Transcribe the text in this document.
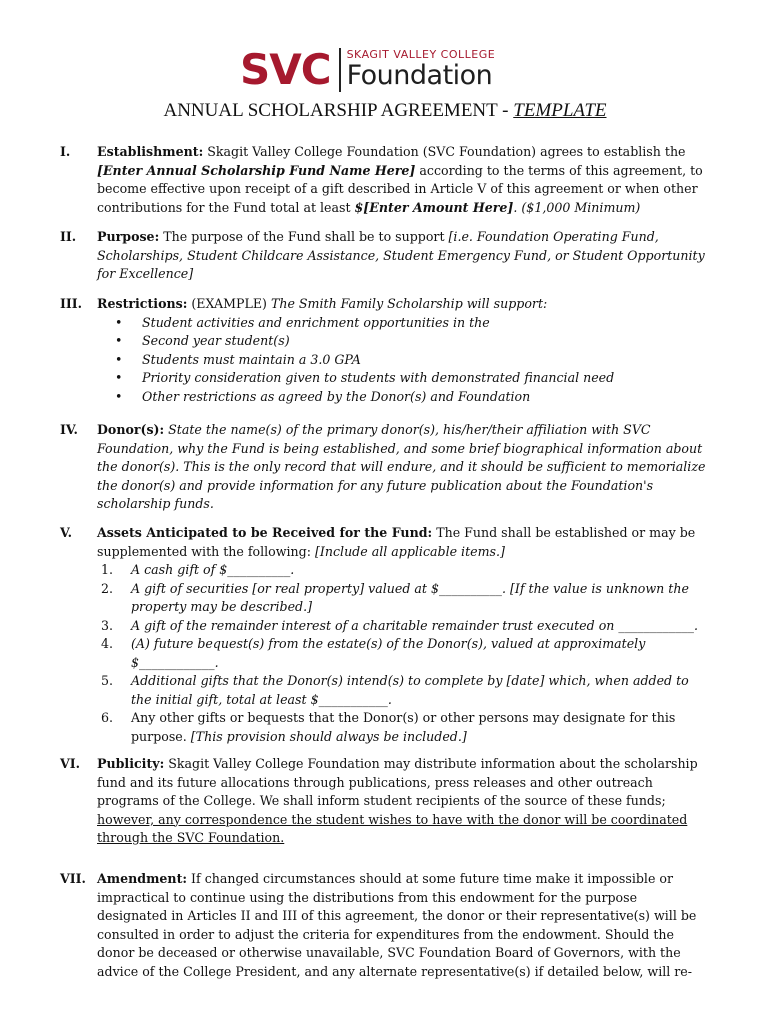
SVC SKAGIT VALLEY COLLEGE
Foundation
ANNUAL SCHOLARSHIP AGREEMENT - TEMPLATE
I. Establishment: Skagit Valley College Foundation (SVC Foundation) agrees to establish the [Enter Annual Scholarship Fund Name Here] according to the terms of this agreement, to become effective upon receipt of a gift described in Article V of this agreement or when other contributions for the Fund total at least $[Enter Amount Here]. ($1,000 Minimum)
II. Purpose: The purpose of the Fund shall be to support [i.e. Foundation Operating Fund, Scholarships, Student Childcare Assistance, Student Emergency Fund, or Student Opportunity for Excellence]
III. Restrictions: (EXAMPLE) The Smith Family Scholarship will support:
• Student activities and enrichment opportunities in the
• Second year student(s)
• Students must maintain a 3.0 GPA
• Priority consideration given to students with demonstrated financial need
• Other restrictions as agreed by the Donor(s) and Foundation
IV. Donor(s): State the name(s) of the primary donor(s), his/her/their affiliation with SVC Foundation, why the Fund is being established, and some brief biographical information about the donor(s). This is the only record that will endure, and it should be sufficient to memorialize the donor(s) and provide information for any future publication about the Foundation's scholarship funds.
V. Assets Anticipated to be Received for the Fund: The Fund shall be established or may be supplemented with the following: [Include all applicable items.]
1. A cash gift of $__________.
2. A gift of securities [or real property] valued at $__________. [If the value is unknown the property may be described.]
3. A gift of the remainder interest of a charitable remainder trust executed on ____________.
4. (A) future bequest(s) from the estate(s) of the Donor(s), valued at approximately $____________.
5. Additional gifts that the Donor(s) intend(s) to complete by [date] which, when added to the initial gift, total at least $___________.
6. Any other gifts or bequests that the Donor(s) or other persons may designate for this purpose. [This provision should always be included.]
VI. Publicity: Skagit Valley College Foundation may distribute information about the scholarship fund and its future allocations through publications, press releases and other outreach programs of the College. We shall inform student recipients of the source of these funds; however, any correspondence the student wishes to have with the donor will be coordinated through the SVC Foundation.
VII. Amendment: If changed circumstances should at some future time make it impossible or impractical to continue using the distributions from this endowment for the purpose designated in Articles II and III of this agreement, the donor or their representative(s) will be consulted in order to adjust the criteria for expenditures from the endowment. Should the donor be deceased or otherwise unavailable, SVC Foundation Board of Governors, with the advice of the College President, and any alternate representative(s) if detailed below, will re-
